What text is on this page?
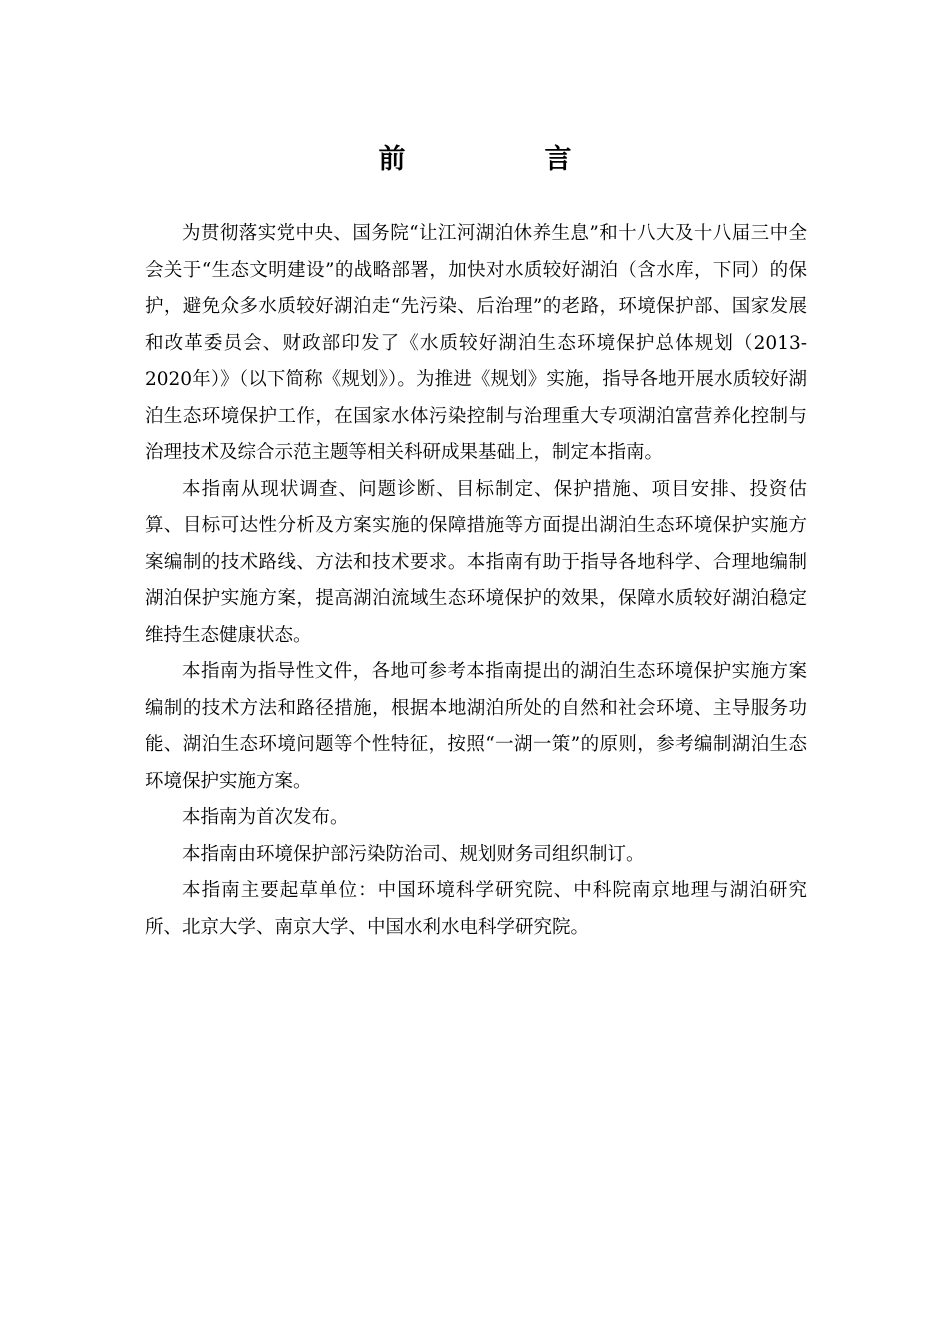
前　言

为贯彻落实党中央、国务院“让江河湖泊休养生息”和十八大及十八届三中全会关于“生态文明建设”的战略部署，加快对水质较好湖泊（含水库，下同）的保护，避免众多水质较好湖泊走“先污染、后治理”的老路，环境保护部、国家发展和改革委员会、财政部印发了《水质较好湖泊生态环境保护总体规划（2013-2020年）》（以下简称《规划》）。为推进《规划》实施，指导各地开展水质较好湖泊生态环境保护工作，在国家水体污染控制与治理重大专项湖泊富营养化控制与治理技术及综合示范主题等相关科研成果基础上，制定本指南。

本指南从现状调查、问题诊断、目标制定、保护措施、项目安排、投资估算、目标可达性分析及方案实施的保障措施等方面提出湖泊生态环境保护实施方案编制的技术路线、方法和技术要求。本指南有助于指导各地科学、合理地编制湖泊保护实施方案，提高湖泊流域生态环境保护的效果，保障水质较好湖泊稳定维持生态健康状态。

本指南为指导性文件，各地可参考本指南提出的湖泊生态环境保护实施方案编制的技术方法和路径措施，根据本地湖泊所处的自然和社会环境、主导服务功能、湖泊生态环境问题等个性特征，按照“一湖一策”的原则，参考编制湖泊生态环境保护实施方案。

本指南为首次发布。

本指南由环境保护部污染防治司、规划财务司组织制订。

本指南主要起草单位：中国环境科学研究院、中科院南京地理与湖泊研究所、北京大学、南京大学、中国水利水电科学研究院。
